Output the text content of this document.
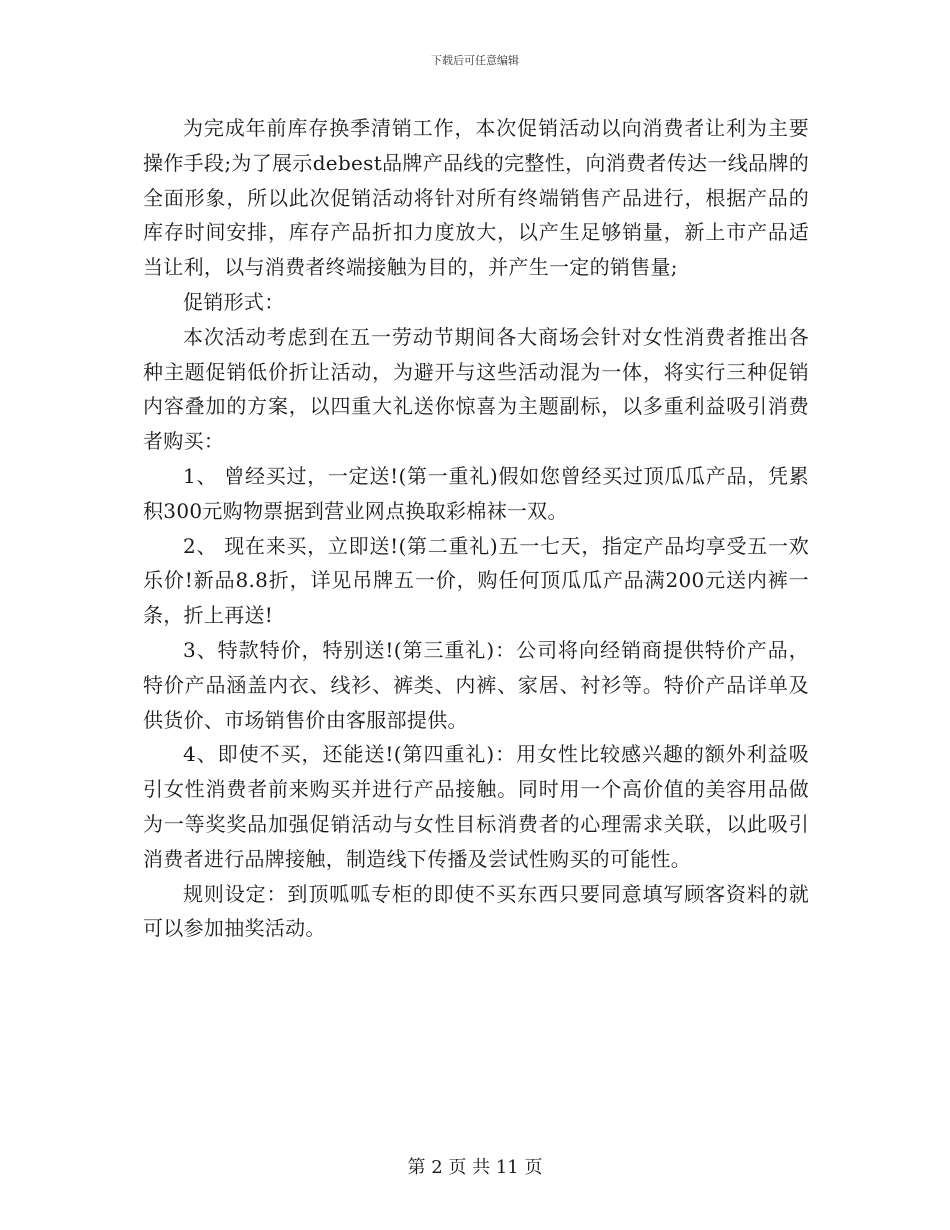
下载后可任意编辑

为完成年前库存换季清销工作，本次促销活动以向消费者让利为主要操作手段;为了展示debest品牌产品线的完整性，向消费者传达一线品牌的全面形象，所以此次促销活动将针对所有终端销售产品进行，根据产品的库存时间安排，库存产品折扣力度放大，以产生足够销量，新上市产品适当让利，以与消费者终端接触为目的，并产生一定的销售量;

促销形式：

本次活动考虑到在五一劳动节期间各大商场会针对女性消费者推出各种主题促销低价折让活动，为避开与这些活动混为一体，将实行三种促销内容叠加的方案，以四重大礼送你惊喜为主题副标，以多重利益吸引消费者购买：

1、 曾经买过，一定送!(第一重礼)假如您曾经买过顶瓜瓜产品，凭累积300元购物票据到营业网点换取彩棉袜一双。

2、 现在来买，立即送!(第二重礼)五一七天，指定产品均享受五一欢乐价!新品8.8折，详见吊牌五一价，购任何顶瓜瓜产品满200元送内裤一条，折上再送!

3、特款特价，特别送!(第三重礼)：公司将向经销商提供特价产品，特价产品涵盖内衣、线衫、裤类、内裤、家居、衬衫等。特价产品详单及供货价、市场销售价由客服部提供。

4、即使不买，还能送!(第四重礼)：用女性比较感兴趣的额外利益吸引女性消费者前来购买并进行产品接触。同时用一个高价值的美容用品做为一等奖奖品加强促销活动与女性目标消费者的心理需求关联，以此吸引消费者进行品牌接触，制造线下传播及尝试性购买的可能性。

规则设定：到顶呱呱专柜的即使不买东西只要同意填写顾客资料的就可以参加抽奖活动。

第 2 页 共 11 页
